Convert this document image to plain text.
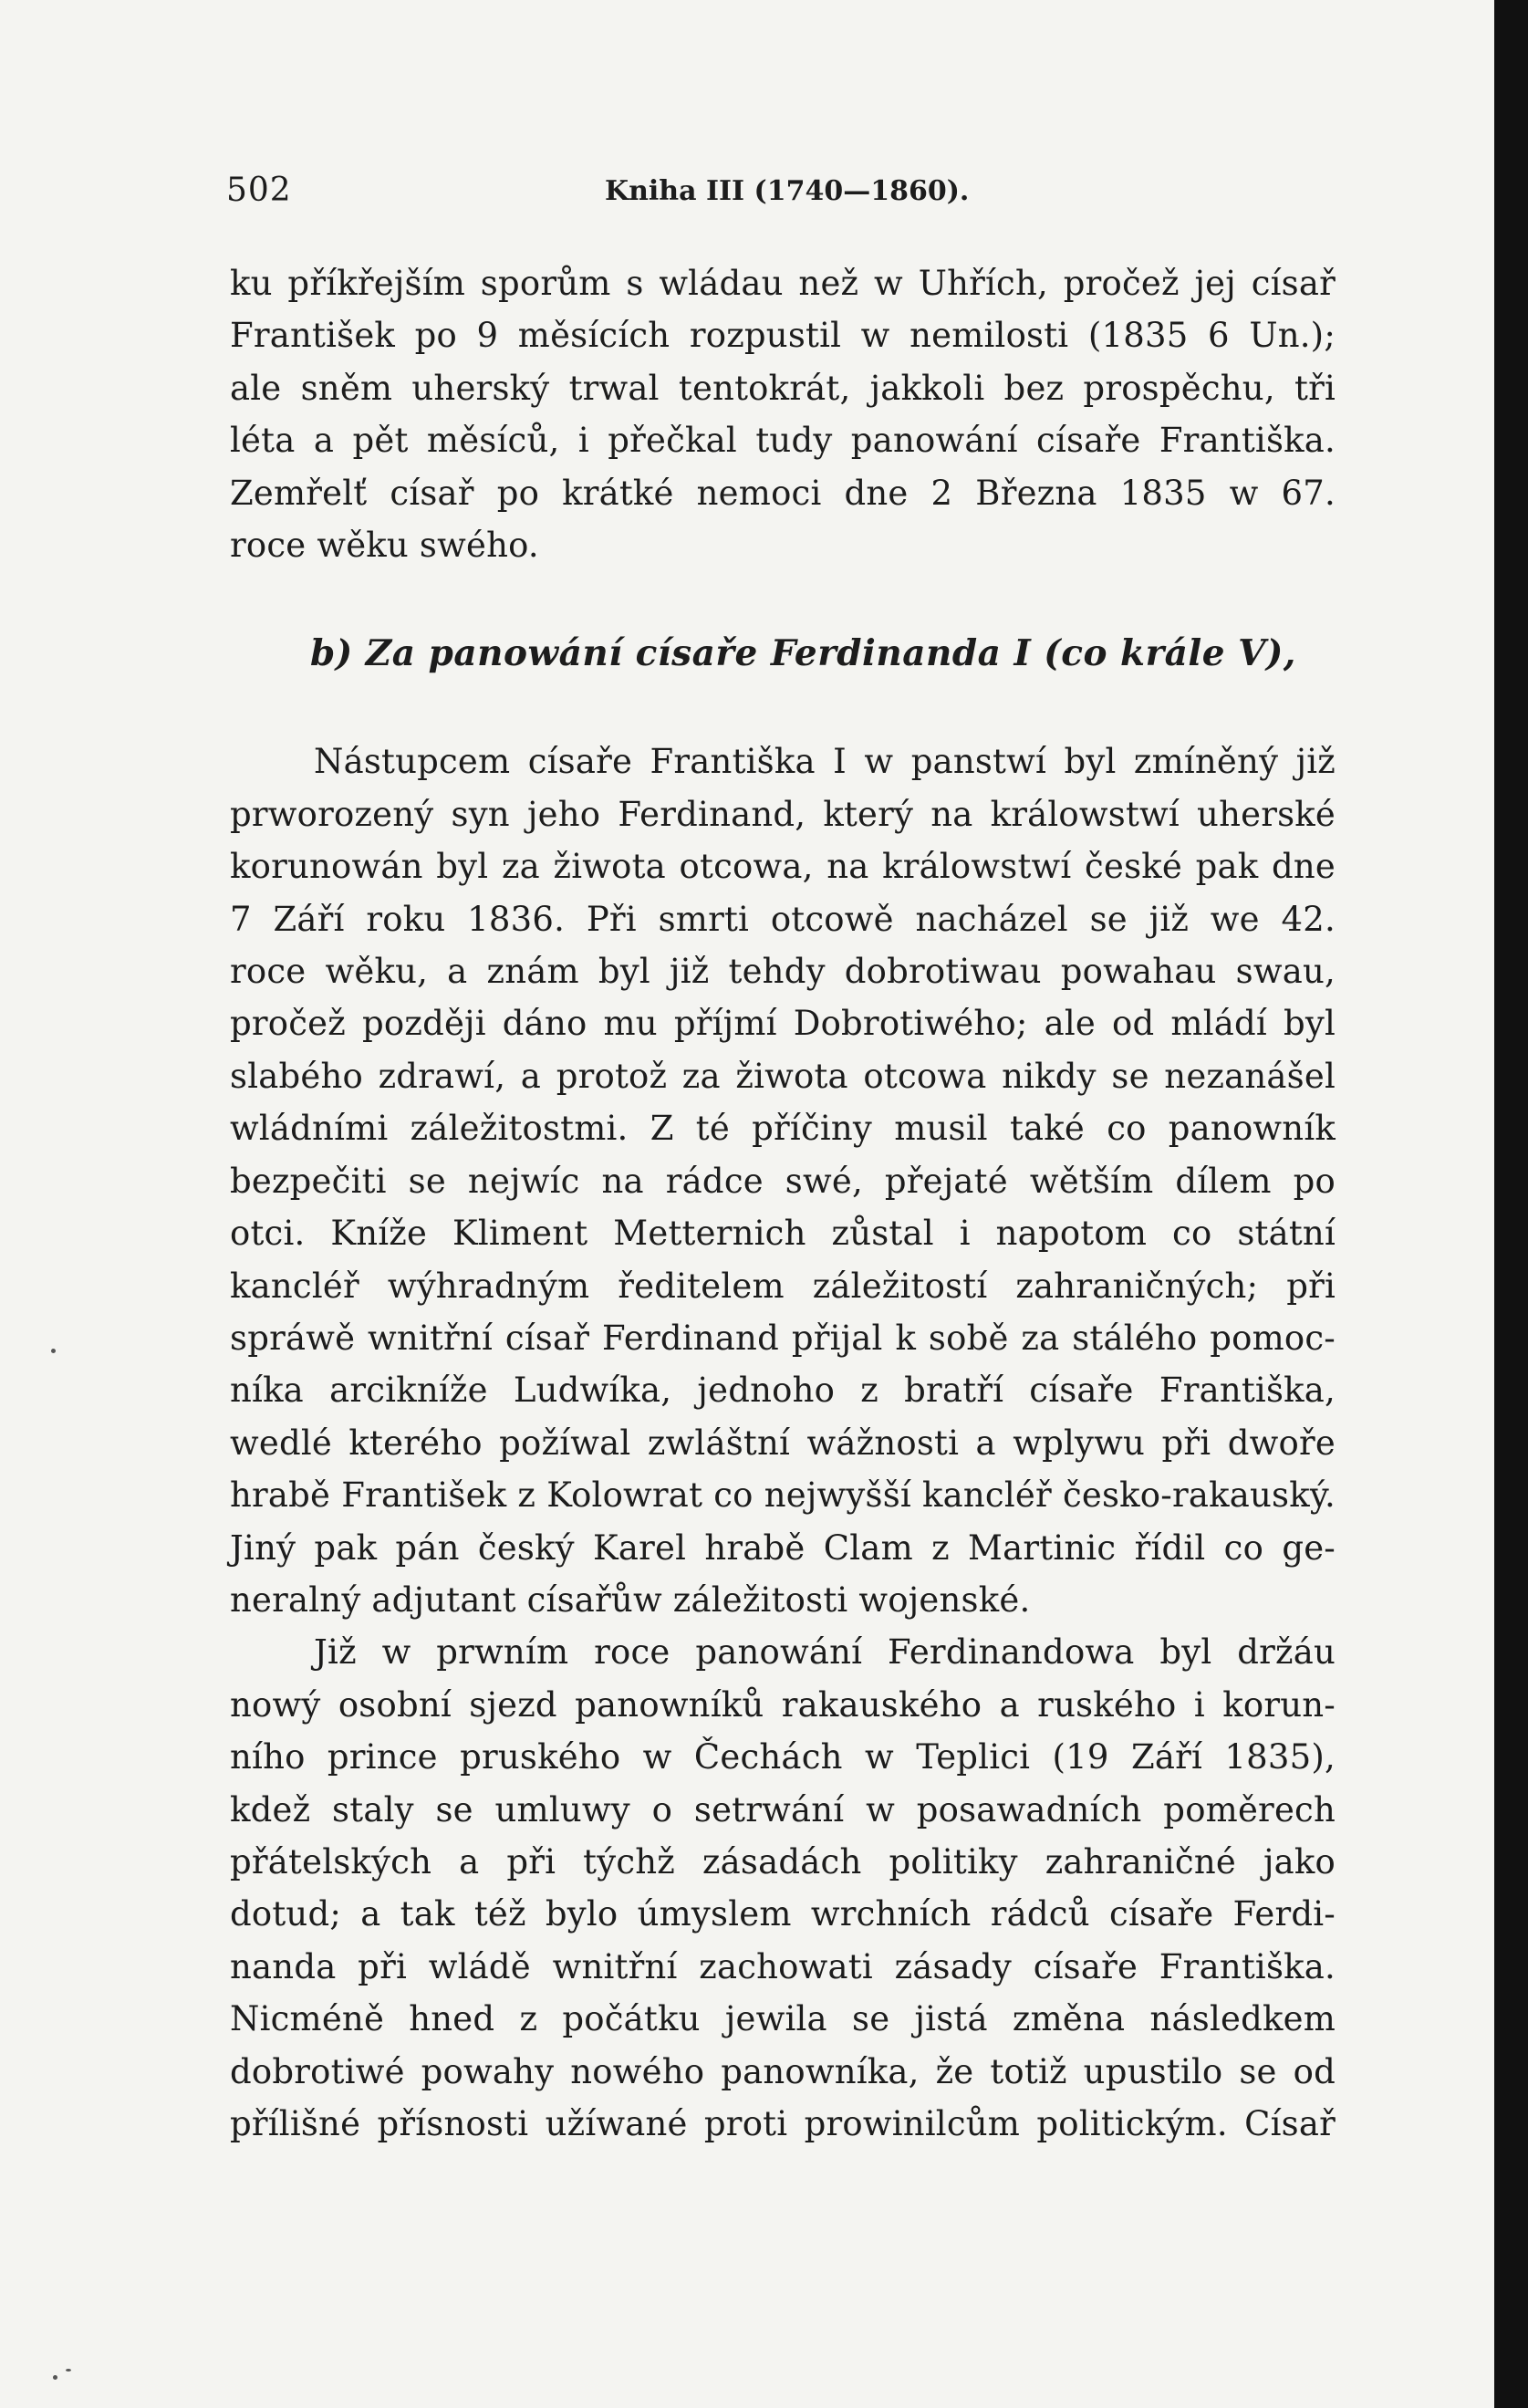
502	Kniha III (1740—1860).

ku příkřejším sporům s wládau než w Uhřích, pročež jej císař
František po 9 měsících rozpustil w nemilosti (1835 6 Un.);
ale sněm uherský trwal tentokrát, jakkoli bez prospěchu, tři
léta a pět měsíců, i přečkal tudy panowání císaře Františka.
Zemřelť císař po krátké nemoci dne 2 Března 1835 w 67.
roce wěku swého.

b) Za panowání císaře Ferdinanda I (co krále V),

Nástupcem císaře Františka I w panstwí byl zmíněný již
prworozený syn jeho Ferdinand, který na králowstwí uherské
korunowán byl za žiwota otcowa, na králowstwí české pak dne
7 Září roku 1836. Při smrti otcowě nacházel se již we 42.
roce wěku, a znám byl již tehdy dobrotiwau powahau swau,
pročež později dáno mu příjmí Dobrotiwého; ale od mládí byl
slabého zdrawí, a protož za žiwota otcowa nikdy se nezanášel
wládními záležitostmi. Z té příčiny musil také co panowník
bezpečiti se nejwíc na rádce swé, přejaté wětším dílem po
otci. Kníže Kliment Metternich zůstal i napotom co státní
kancléř wýhradným ředitelem záležitostí zahraničných; při
spráwě wnitřní císař Ferdinand přijal k sobě za stálého pomoc-
níka arcikníže Ludwíka, jednoho z bratří císaře Františka,
wedlé kterého požíwal zwláštní wážnosti a wplywu při dwoře
hrabě František z Kolowrat co nejwyšší kancléř česko-rakauský.
Jiný pak pán český Karel hrabě Clam z Martinic řídil co ge-
neralný adjutant císařůw záležitosti wojenské.

Již w prwním roce panowání Ferdinandowa byl držáu
nowý osobní sjezd panowníků rakauského a ruského i korun-
ního prince pruského w Čechách w Teplici (19 Září 1835),
kdež staly se umluwy o setrwání w posawadních poměrech
přátelských a při týchž zásadách politiky zahraničné jako
dotud; a tak též bylo úmyslem wrchních rádců císaře Ferdi-
nanda při wládě wnitřní zachowati zásady císaře Františka.
Nicméně hned z počátku jewila se jistá změna následkem
dobrotiwé powahy nowého panowníka, že totiž upustilo se od
přílišné přísnosti užíwané proti prowinilcům politickým. Císař
